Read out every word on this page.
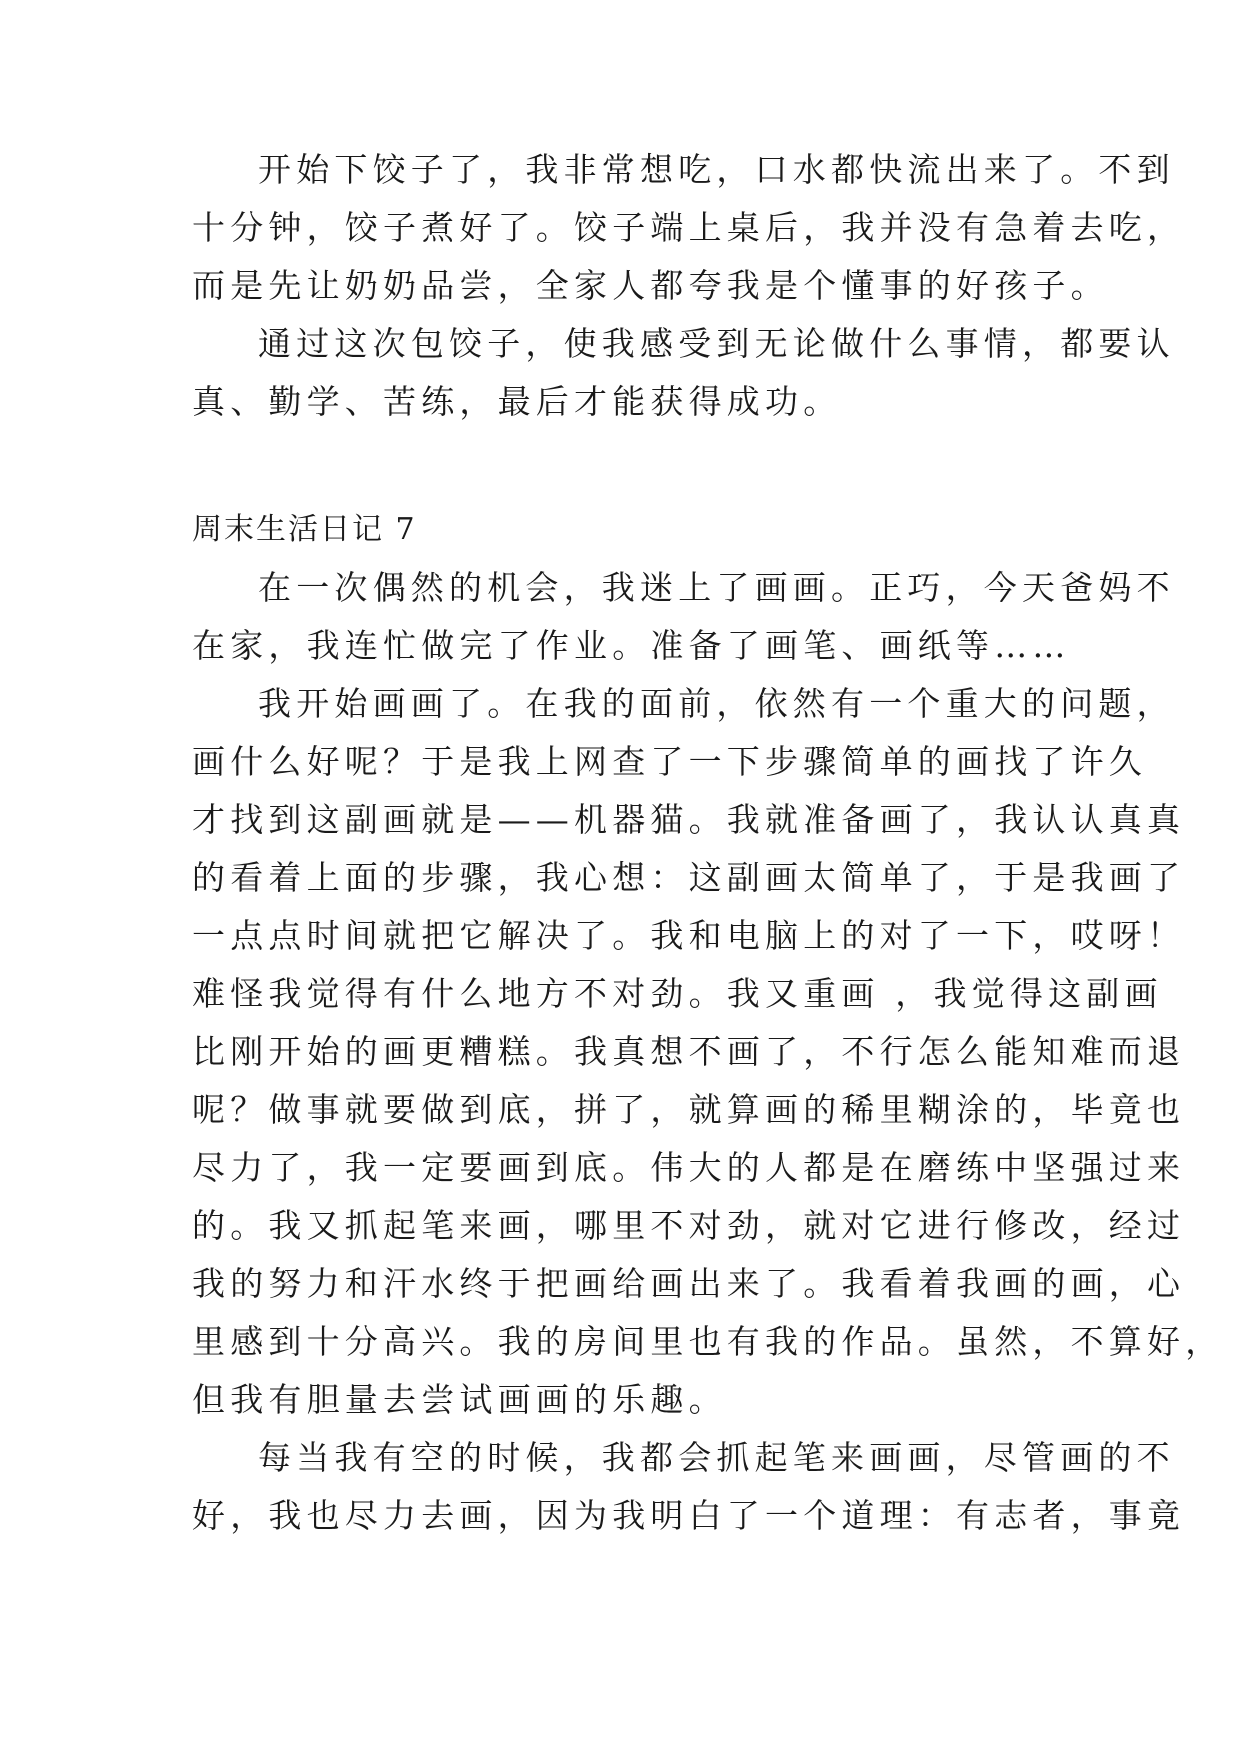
开始下饺子了，我非常想吃，口水都快流出来了。不到
十分钟，饺子煮好了。饺子端上桌后，我并没有急着去吃，
而是先让奶奶品尝，全家人都夸我是个懂事的好孩子。
通过这次包饺子，使我感受到无论做什么事情，都要认
真、勤学、苦练，最后才能获得成功。
周末生活日记 7
在一次偶然的机会，我迷上了画画。正巧，今天爸妈不
在家，我连忙做完了作业。准备了画笔、画纸等……
我开始画画了。在我的面前，依然有一个重大的问题，
画什么好呢？于是我上网查了一下步骤简单的画找了许久
才找到这副画就是——机器猫。我就准备画了，我认认真真
的看着上面的步骤，我心想：这副画太简单了，于是我画了
一点点时间就把它解决了。我和电脑上的对了一下，哎呀！
难怪我觉得有什么地方不对劲。我又重画 ，我觉得这副画
比刚开始的画更糟糕。我真想不画了，不行怎么能知难而退
呢？做事就要做到底，拼了，就算画的稀里糊涂的，毕竟也
尽力了，我一定要画到底。伟大的人都是在磨练中坚强过来
的。我又抓起笔来画，哪里不对劲，就对它进行修改，经过
我的努力和汗水终于把画给画出来了。我看着我画的画，心
里感到十分高兴。我的房间里也有我的作品。虽然，不算好，
但我有胆量去尝试画画的乐趣。
每当我有空的时候，我都会抓起笔来画画，尽管画的不
好，我也尽力去画，因为我明白了一个道理：有志者，事竟
